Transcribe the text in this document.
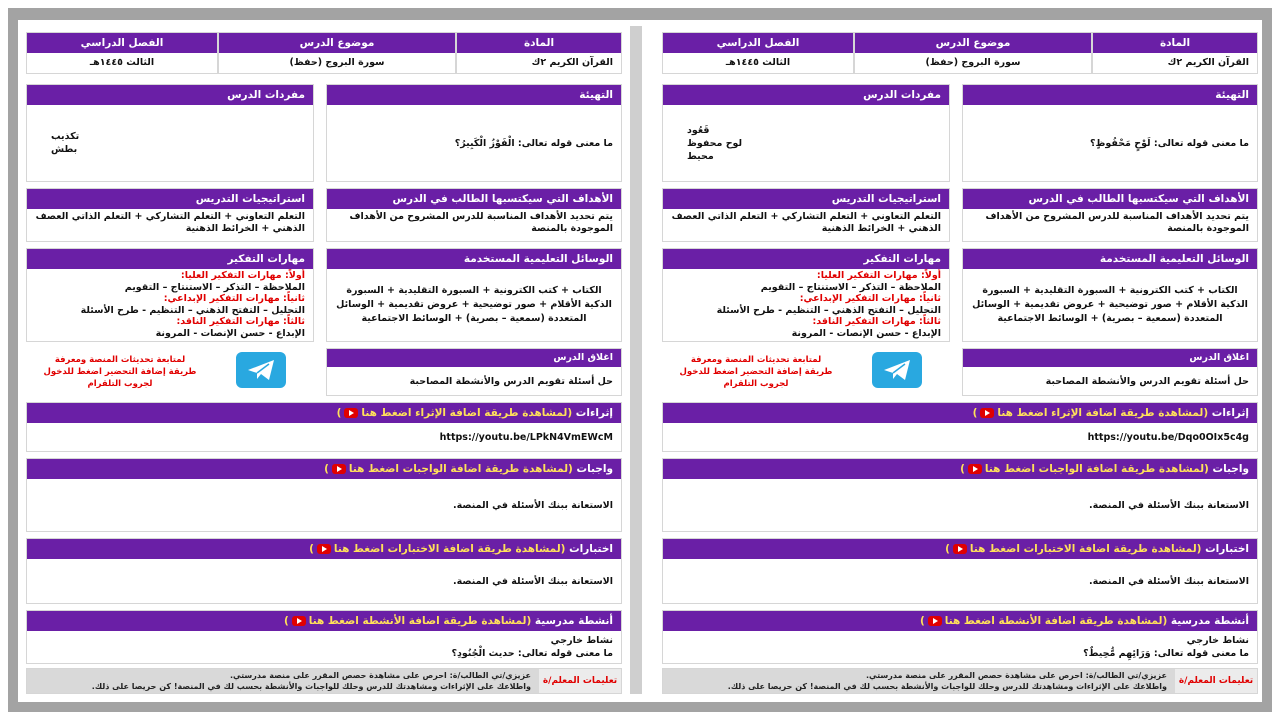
المادة
القرآن الكريم ٢ك
موضوع الدرس
سورة البروج (حفظ)
الفصل الدراسي
الثالث ١٤٤٥هـ
التهيئة
ما معنى قوله تعالى: لَوْحٍ مَحْفُوظٍ؟
مفردات الدرس
قَعُود
لوح محفوظ
محيط
الأهداف التي سيكتسبها الطالب في الدرس
يتم تحديد الأهداف المناسبة للدرس المشروح من الأهداف الموجودة بالمنصة
استراتيجيات التدريس
التعلم التعاوني + التعلم التشاركي + التعلم الذاتي العصف الذهني + الخرائط الذهنية
الوسائل التعليمية المستخدمة
الكتاب + كتب الكترونية + السبورة التقليدية + السبورة الذكية الأقلام + صور توضيحية + عروض تقديمية + الوسائل المتعددة (سمعية – بصرية) + الوسائط الاجتماعية
مهارات التفكير
أولاً: مهارات التفكير العليا:
الملاحظة – التذكر – الاستنتاج – التقويم
ثانياً: مهارات التفكير الإبداعي:
التحليل – التفتح الذهني – التنظيم - طرح الأسئلة
ثالثاً: مهارات التفكير الناقد:
الإبداع - حسن الإنصات - المرونة
اغلاق الدرس
حل أسئلة تقويم الدرس والأنشطة المصاحبة
لمتابعة تحديثات المنصة ومعرفة طريقة إضافة التحضير اضغط للدخول لجروب التلقرام
إثراءات (لمشاهدة طريقة اضافة الإثراء اضغط هنا)
https://youtu.be/Dqo0OIx5c4g
واجبات (لمشاهدة طريقة اضافة الواجبات اضغط هنا)
الاستعانة ببنك الأسئلة في المنصة.
اختبارات (لمشاهدة طريقة اضافة الاختبارات اضغط هنا)
الاستعانة ببنك الأسئلة في المنصة.
أنشطة مدرسية (لمشاهدة طريقة اضافة الأنشطة اضغط هنا)
نشاط خارجي
ما معنى قوله تعالى: وَرَائِهِم مُّحِيطٌ؟
تعليمات المعلم/ة
عزيزي/تي الطالب/ة: احرص على مشاهدة حصص المقرر على منصة مدرستي.
واطلاعك على الإثراءات ومشاهدتك للدرس وحلك للواجبات والأنشطة بحسب لك في المنصة! كن حريصا على ذلك.
المادة
القرآن الكريم ٢ك
موضوع الدرس
سورة البروج (حفظ)
الفصل الدراسي
الثالث ١٤٤٥هـ
التهيئة
ما معنى قوله تعالى: الْفَوْزُ الْكَبِيرُ؟
مفردات الدرس
تكذيب
بطش
الأهداف التي سيكتسبها الطالب في الدرس
يتم تحديد الأهداف المناسبة للدرس المشروح من الأهداف الموجودة بالمنصة
استراتيجيات التدريس
التعلم التعاوني + التعلم التشاركي + التعلم الذاتي العصف الذهني + الخرائط الذهنية
الوسائل التعليمية المستخدمة
الكتاب + كتب الكترونية + السبورة التقليدية + السبورة الذكية الأقلام + صور توضيحية + عروض تقديمية + الوسائل المتعددة (سمعية – بصرية) + الوسائط الاجتماعية
مهارات التفكير
أولاً: مهارات التفكير العليا:
الملاحظة – التذكر – الاستنتاج – التقويم
ثانياً: مهارات التفكير الإبداعي:
التحليل – التفتح الذهني – التنظيم - طرح الأسئلة
ثالثاً: مهارات التفكير الناقد:
الإبداع - حسن الإنصات - المرونة
اغلاق الدرس
حل أسئلة تقويم الدرس والأنشطة المصاحبة
لمتابعة تحديثات المنصة ومعرفة طريقة إضافة التحضير اضغط للدخول لجروب التلقرام
إثراءات (لمشاهدة طريقة اضافة الإثراء اضغط هنا)
https://youtu.be/LPkN4VmEWcM
واجبات (لمشاهدة طريقة اضافة الواجبات اضغط هنا)
الاستعانة ببنك الأسئلة في المنصة.
اختبارات (لمشاهدة طريقة اضافة الاختبارات اضغط هنا)
الاستعانة ببنك الأسئلة في المنصة.
أنشطة مدرسية (لمشاهدة طريقة اضافة الأنشطة اضغط هنا)
نشاط خارجي
ما معنى قوله تعالى: حديث الْجُنُودِ؟
تعليمات المعلم/ة
عزيزي/تي الطالب/ة: احرص على مشاهدة حصص المقرر على منصة مدرستي.
واطلاعك على الإثراءات ومشاهدتك للدرس وحلك للواجبات والأنشطة بحسب لك في المنصة! كن حريصا على ذلك.
